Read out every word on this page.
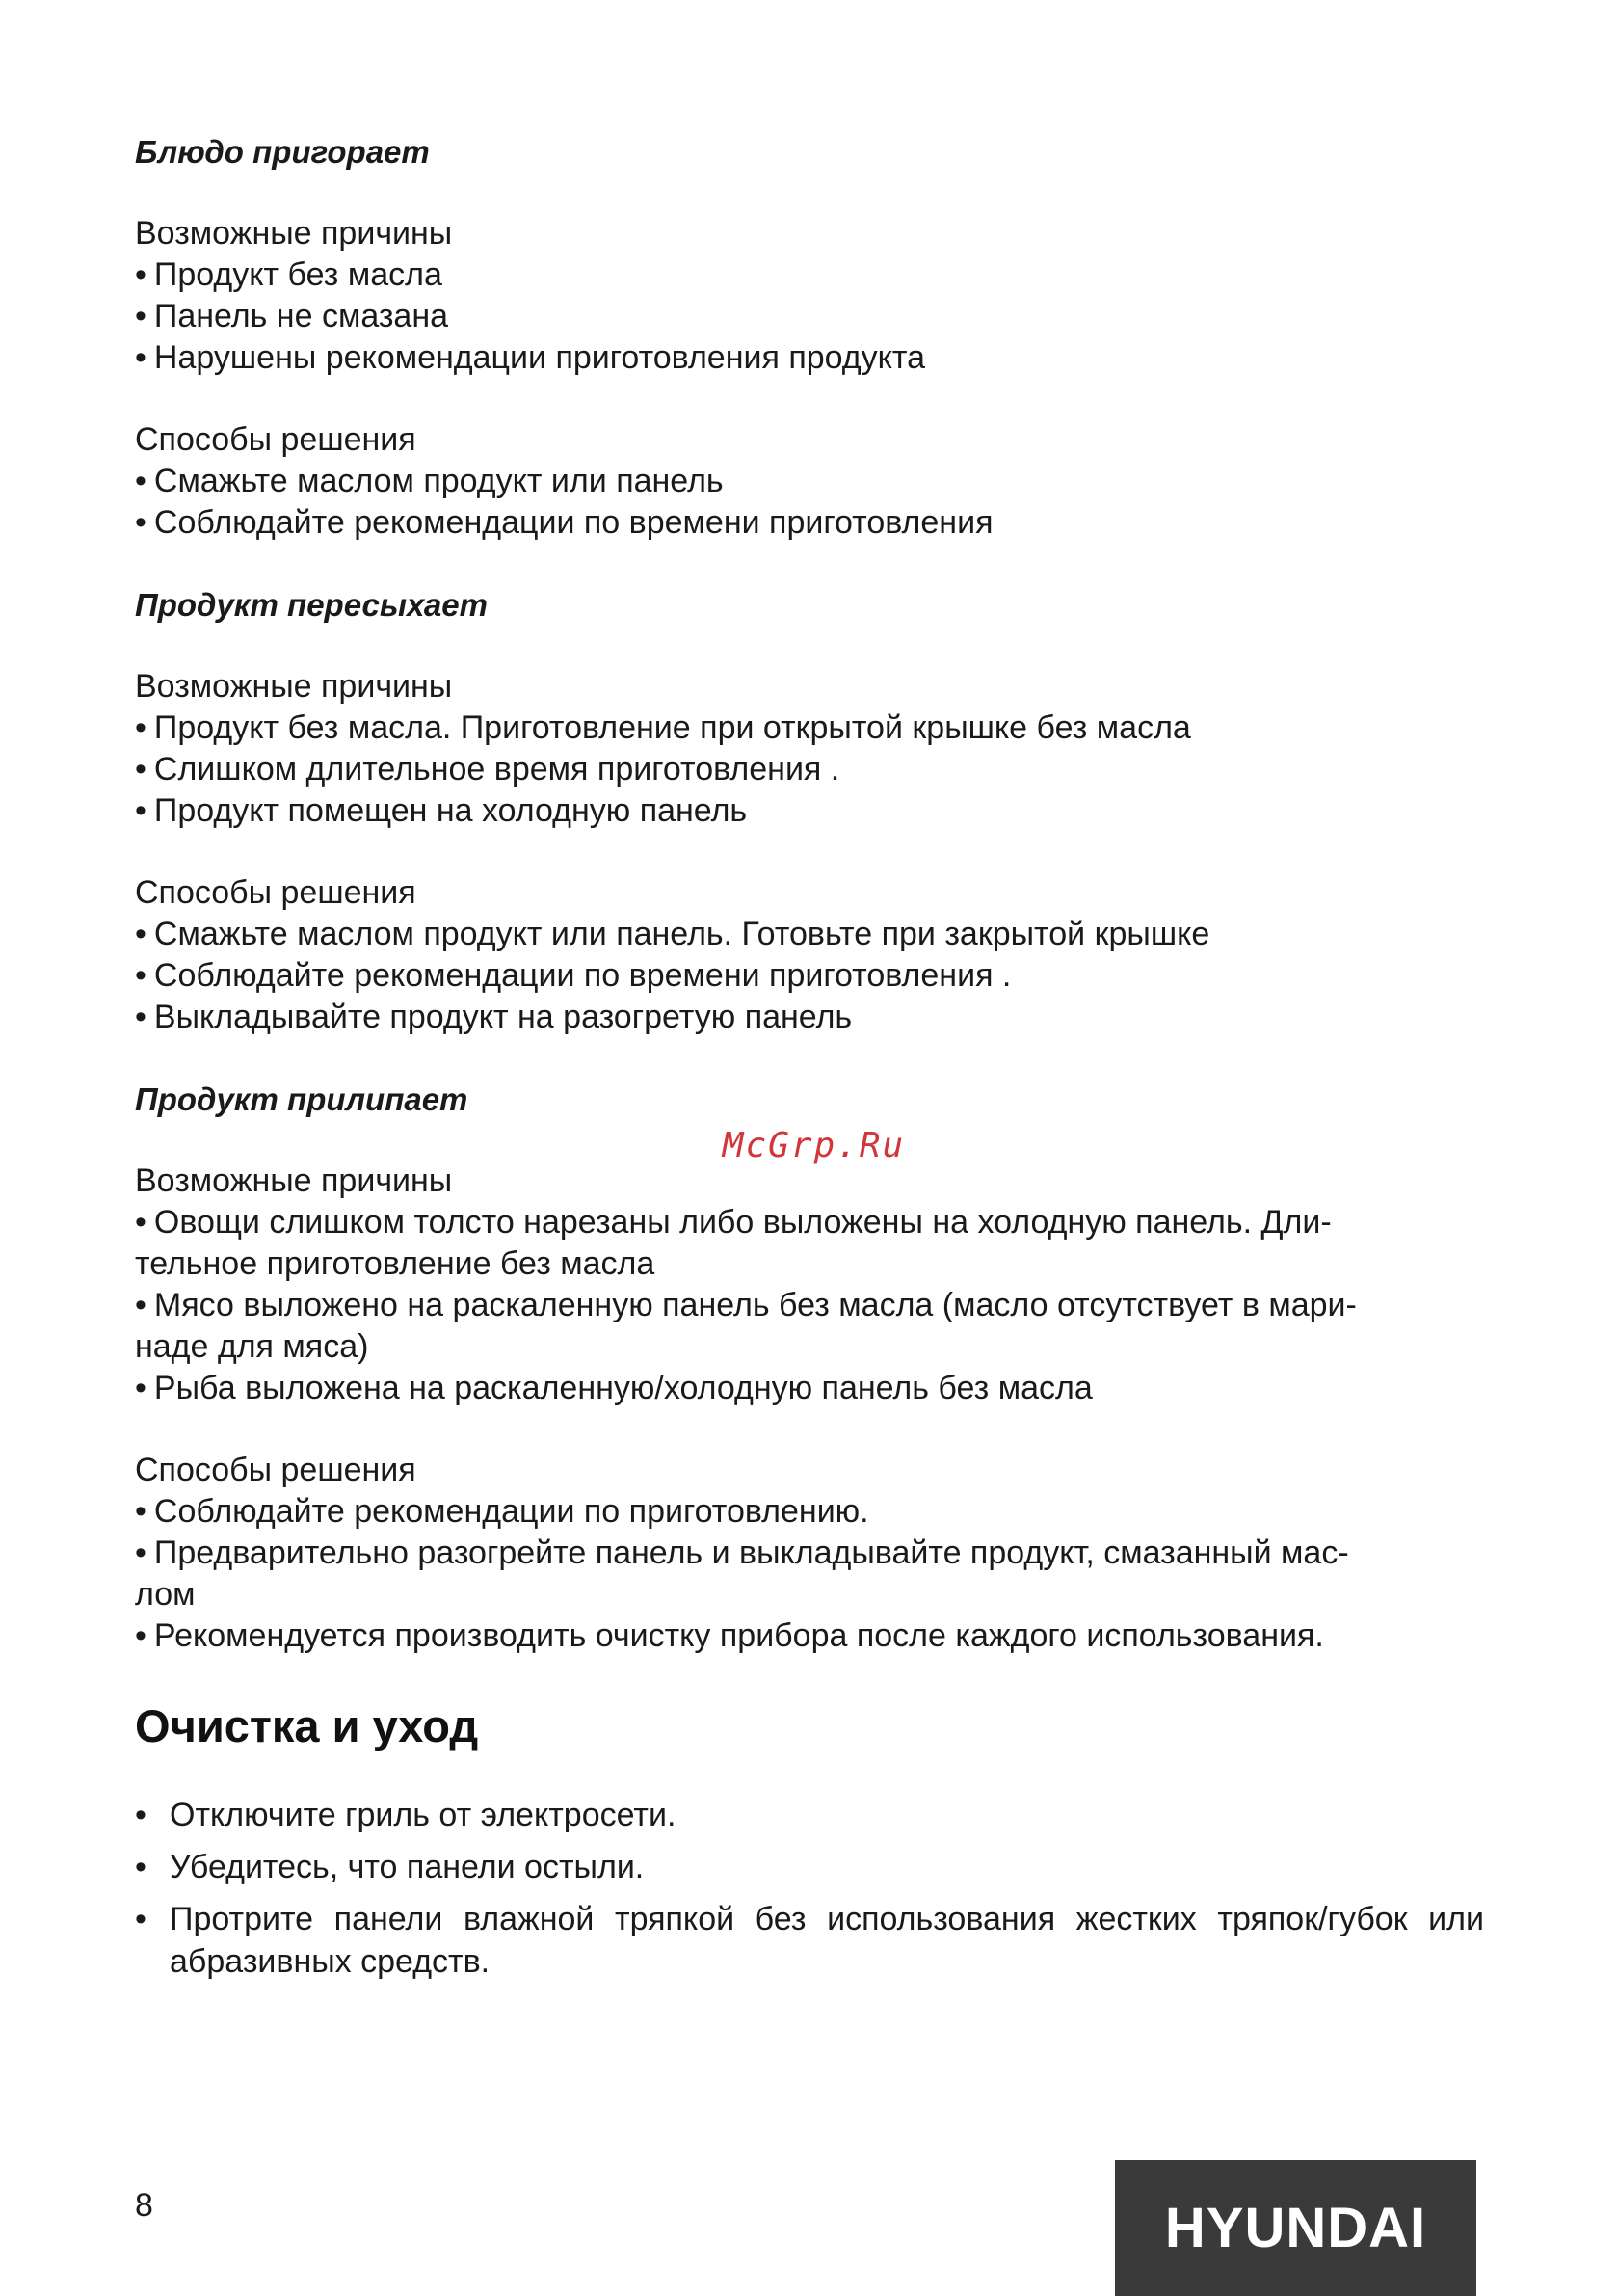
Блюдо пригорает
Возможные причины
• Продукт без масла
• Панель не смазана
• Нарушены рекомендации приготовления продукта
Способы решения
• Смажьте маслом продукт или панель
• Соблюдайте рекомендации по времени приготовления
Продукт пересыхает
Возможные причины
• Продукт без масла. Приготовление при открытой крышке без масла
• Слишком длительное время приготовления .
• Продукт помещен на холодную панель
Способы решения
• Смажьте маслом продукт или панель. Готовьте при закрытой крышке
• Соблюдайте рекомендации по времени приготовления .
• Выкладывайте продукт на разогретую панель
Продукт прилипает
Возможные причины
• Овощи слишком толсто нарезаны либо выложены на холодную панель. Дли-
тельное приготовление без масла
• Мясо выложено на раскаленную панель без масла (масло отсутствует в мари-
наде для мяса)
• Рыба выложена на раскаленную/холодную панель без масла
Способы решения
• Соблюдайте рекомендации по приготовлению.
• Предварительно разогрейте панель и выкладывайте продукт, смазанный мас-
лом
• Рекомендуется производить очистку прибора после каждого использования.
Очистка и уход
• Отключите гриль от электросети.
• Убедитесь, что панели остыли.
• Протрите панели влажной тряпкой без использования жестких тряпок/губок или абразивных средств.
McGrp.Ru
8	HYUNDAI
